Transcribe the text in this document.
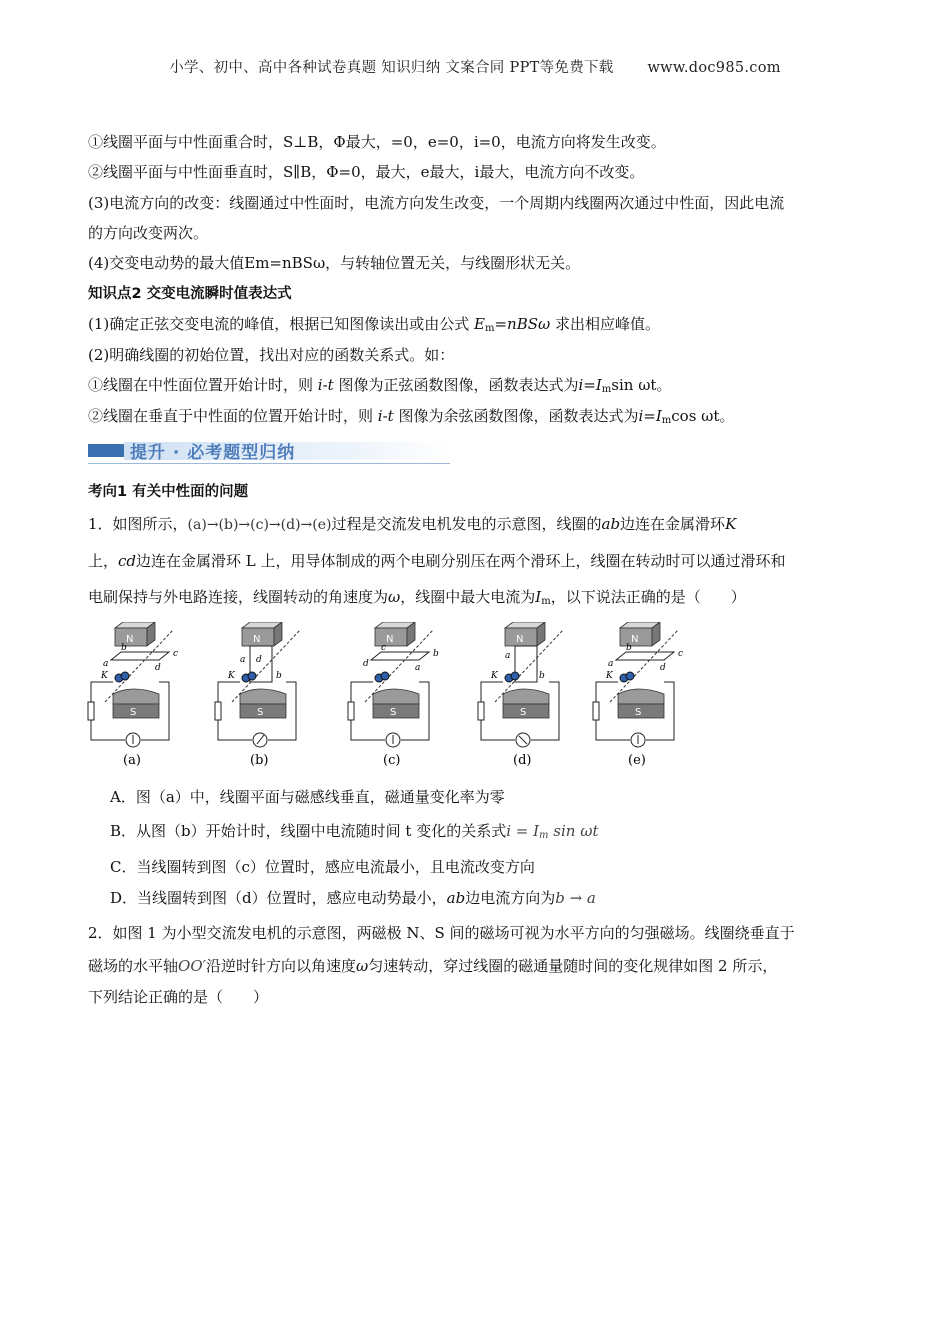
小学、初中、高中各种试卷真题 知识归纳 文案合同 PPT等免费下载 www.doc985.com
①线圈平面与中性面重合时，S⊥B，Φ最大，=0，e=0，i=0，电流方向将发生改变。
②线圈平面与中性面垂直时，S∥B，Φ=0，最大，e最大，i最大，电流方向不改变。
(3)电流方向的改变：线圈通过中性面时，电流方向发生改变，一个周期内线圈两次通过中性面，因此电流
的方向改变两次。
(4)交变电动势的最大值Em=nBSω，与转轴位置无关，与线圈形状无关。
知识点2 交变电流瞬时值表达式
(1)确定正弦交变电流的峰值，根据已知图像读出或由公式 $E_m=nBS\omega$ 求出相应峰值。
(2)明确线圈的初始位置，找出对应的函数关系式。如：
①线圈在中性面位置开始计时，则 i-t 图像为正弦函数图像，函数表达式为$i=I_m\sin$ ωt。
②线圈在垂直于中性面的位置开始计时，则 i-t 图像为余弦函数图像，函数表达式为$i=I_m\cos$ ωt。
提升 · 必考题型归纳
考向1 有关中性面的问题
1．如图所示，(a)→(b)→(c)→(d)→(e)过程是交流发电机发电的示意图，线圈的ab边连在金属滑环K
上，cd边连在金属滑环 L 上，用导体制成的两个电刷分别压在两个滑环上，线圈在转动时可以通过滑环和
电刷保持与外电路连接，线圈转动的角速度为ω，线圈中最大电流为$I_m$，以下说法正确的是（　　）
N
a
b
c
d
K
S
(a)
N
a d
b
K
S
(b)
N
c
d
b
a
S
(c)
N
a
b
K
S
(d)
N
a
b
c
d
K
S
(e)
A．图（a）中，线圈平面与磁感线垂直，磁通量变化率为零
B．从图（b）开始计时，线圈中电流随时间 t 变化的关系式$i = I_m$ sin ωt
C．当线圈转到图（c）位置时，感应电流最小，且电流改变方向
D．当线圈转到图（d）位置时，感应电动势最小，ab边电流方向为b → a
2．如图 1 为小型交流发电机的示意图，两磁极 N、S 间的磁场可视为水平方向的匀强磁场。线圈绕垂直于
磁场的水平轴OO′沿逆时针方向以角速度ω匀速转动，穿过线圈的磁通量随时间的变化规律如图 2 所示，
下列结论正确的是（　　）
